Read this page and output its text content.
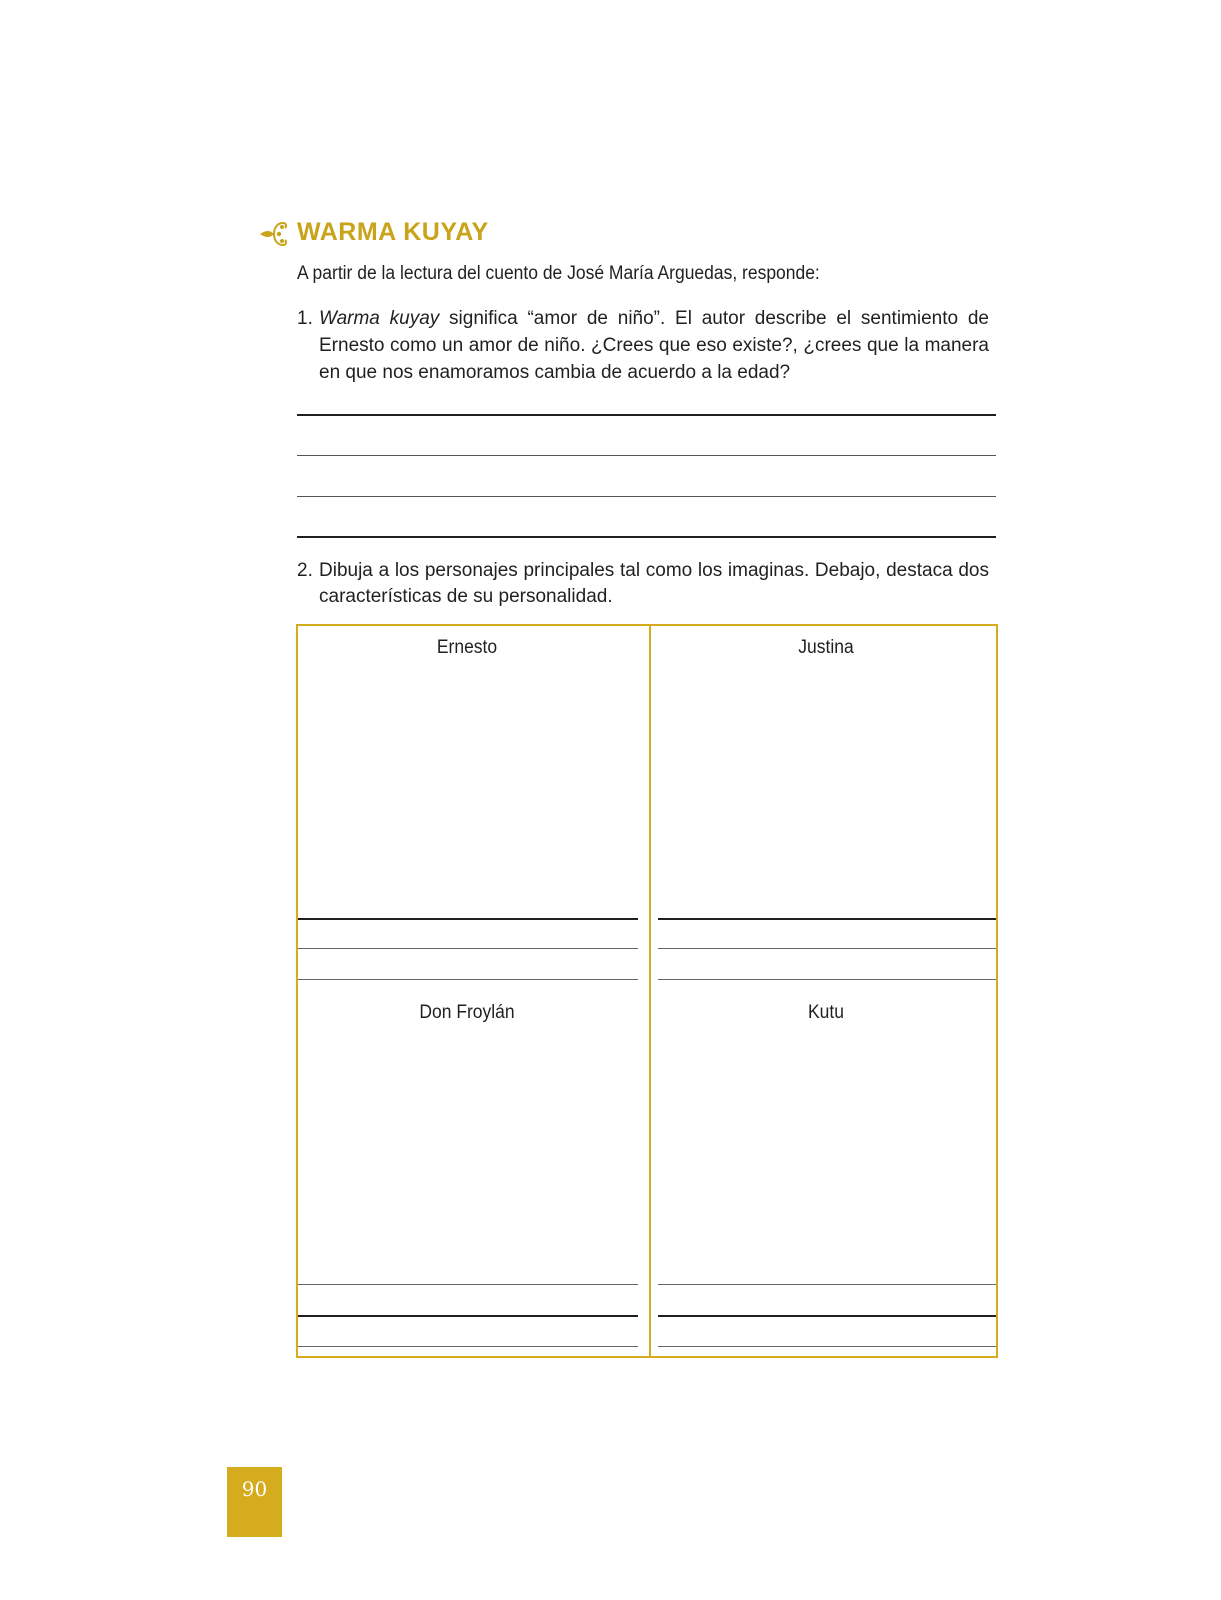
WARMA KUYAY
A partir de la lectura del cuento de José María Arguedas, responde:
1. Warma kuyay significa “amor de niño”. El autor describe el sentimiento de Ernesto como un amor de niño. ¿Crees que eso existe?, ¿crees que la manera en que nos enamoramos cambia de acuerdo a la edad?
2. Dibuja a los personajes principales tal como los imaginas. Debajo, destaca dos características de su personalidad.
Ernesto	Justina
Don Froylán	Kutu
90
